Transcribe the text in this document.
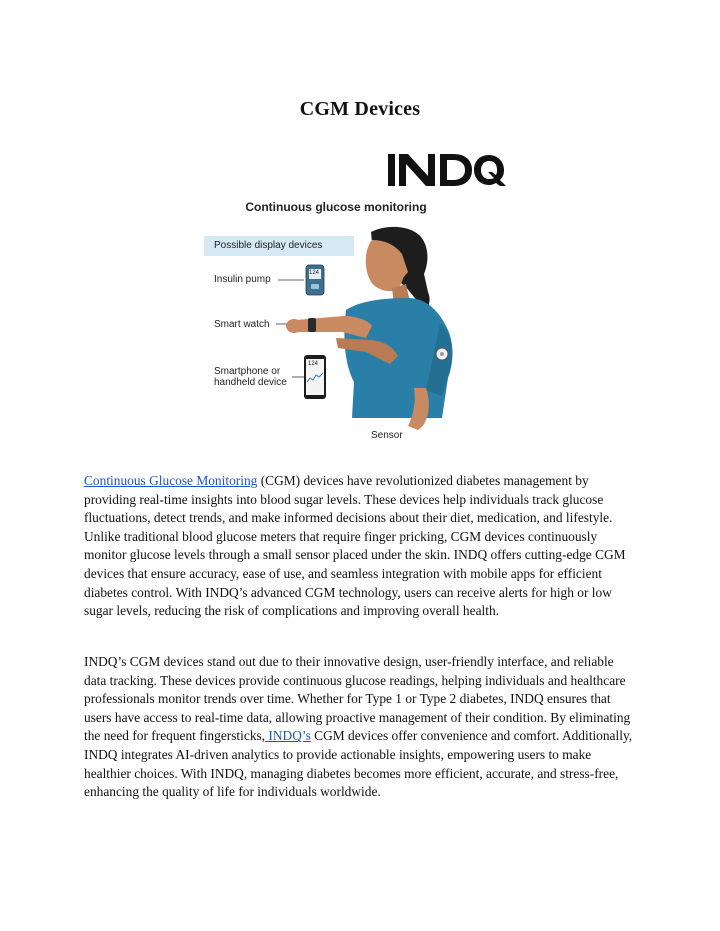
CGM Devices
Continuous glucose monitoring
Possible display devices
Insulin pump
124
Smart watch
Smartphone or
handheld device
124
Sensor

Continuous Glucose Monitoring (CGM) devices have revolutionized diabetes management by providing real-time insights into blood sugar levels. These devices help individuals track glucose fluctuations, detect trends, and make informed decisions about their diet, medication, and lifestyle. Unlike traditional blood glucose meters that require finger pricking, CGM devices continuously monitor glucose levels through a small sensor placed under the skin. INDQ offers cutting-edge CGM devices that ensure accuracy, ease of use, and seamless integration with mobile apps for efficient diabetes control. With INDQ’s advanced CGM technology, users can receive alerts for high or low sugar levels, reducing the risk of complications and improving overall health.

INDQ’s CGM devices stand out due to their innovative design, user-friendly interface, and reliable data tracking. These devices provide continuous glucose readings, helping individuals and healthcare professionals monitor trends over time. Whether for Type 1 or Type 2 diabetes, INDQ ensures that users have access to real-time data, allowing proactive management of their condition. By eliminating the need for frequent fingersticks, INDQ’s CGM devices offer convenience and comfort. Additionally, INDQ integrates AI-driven analytics to provide actionable insights, empowering users to make healthier choices. With INDQ, managing diabetes becomes more efficient, accurate, and stress-free, enhancing the quality of life for individuals worldwide.
